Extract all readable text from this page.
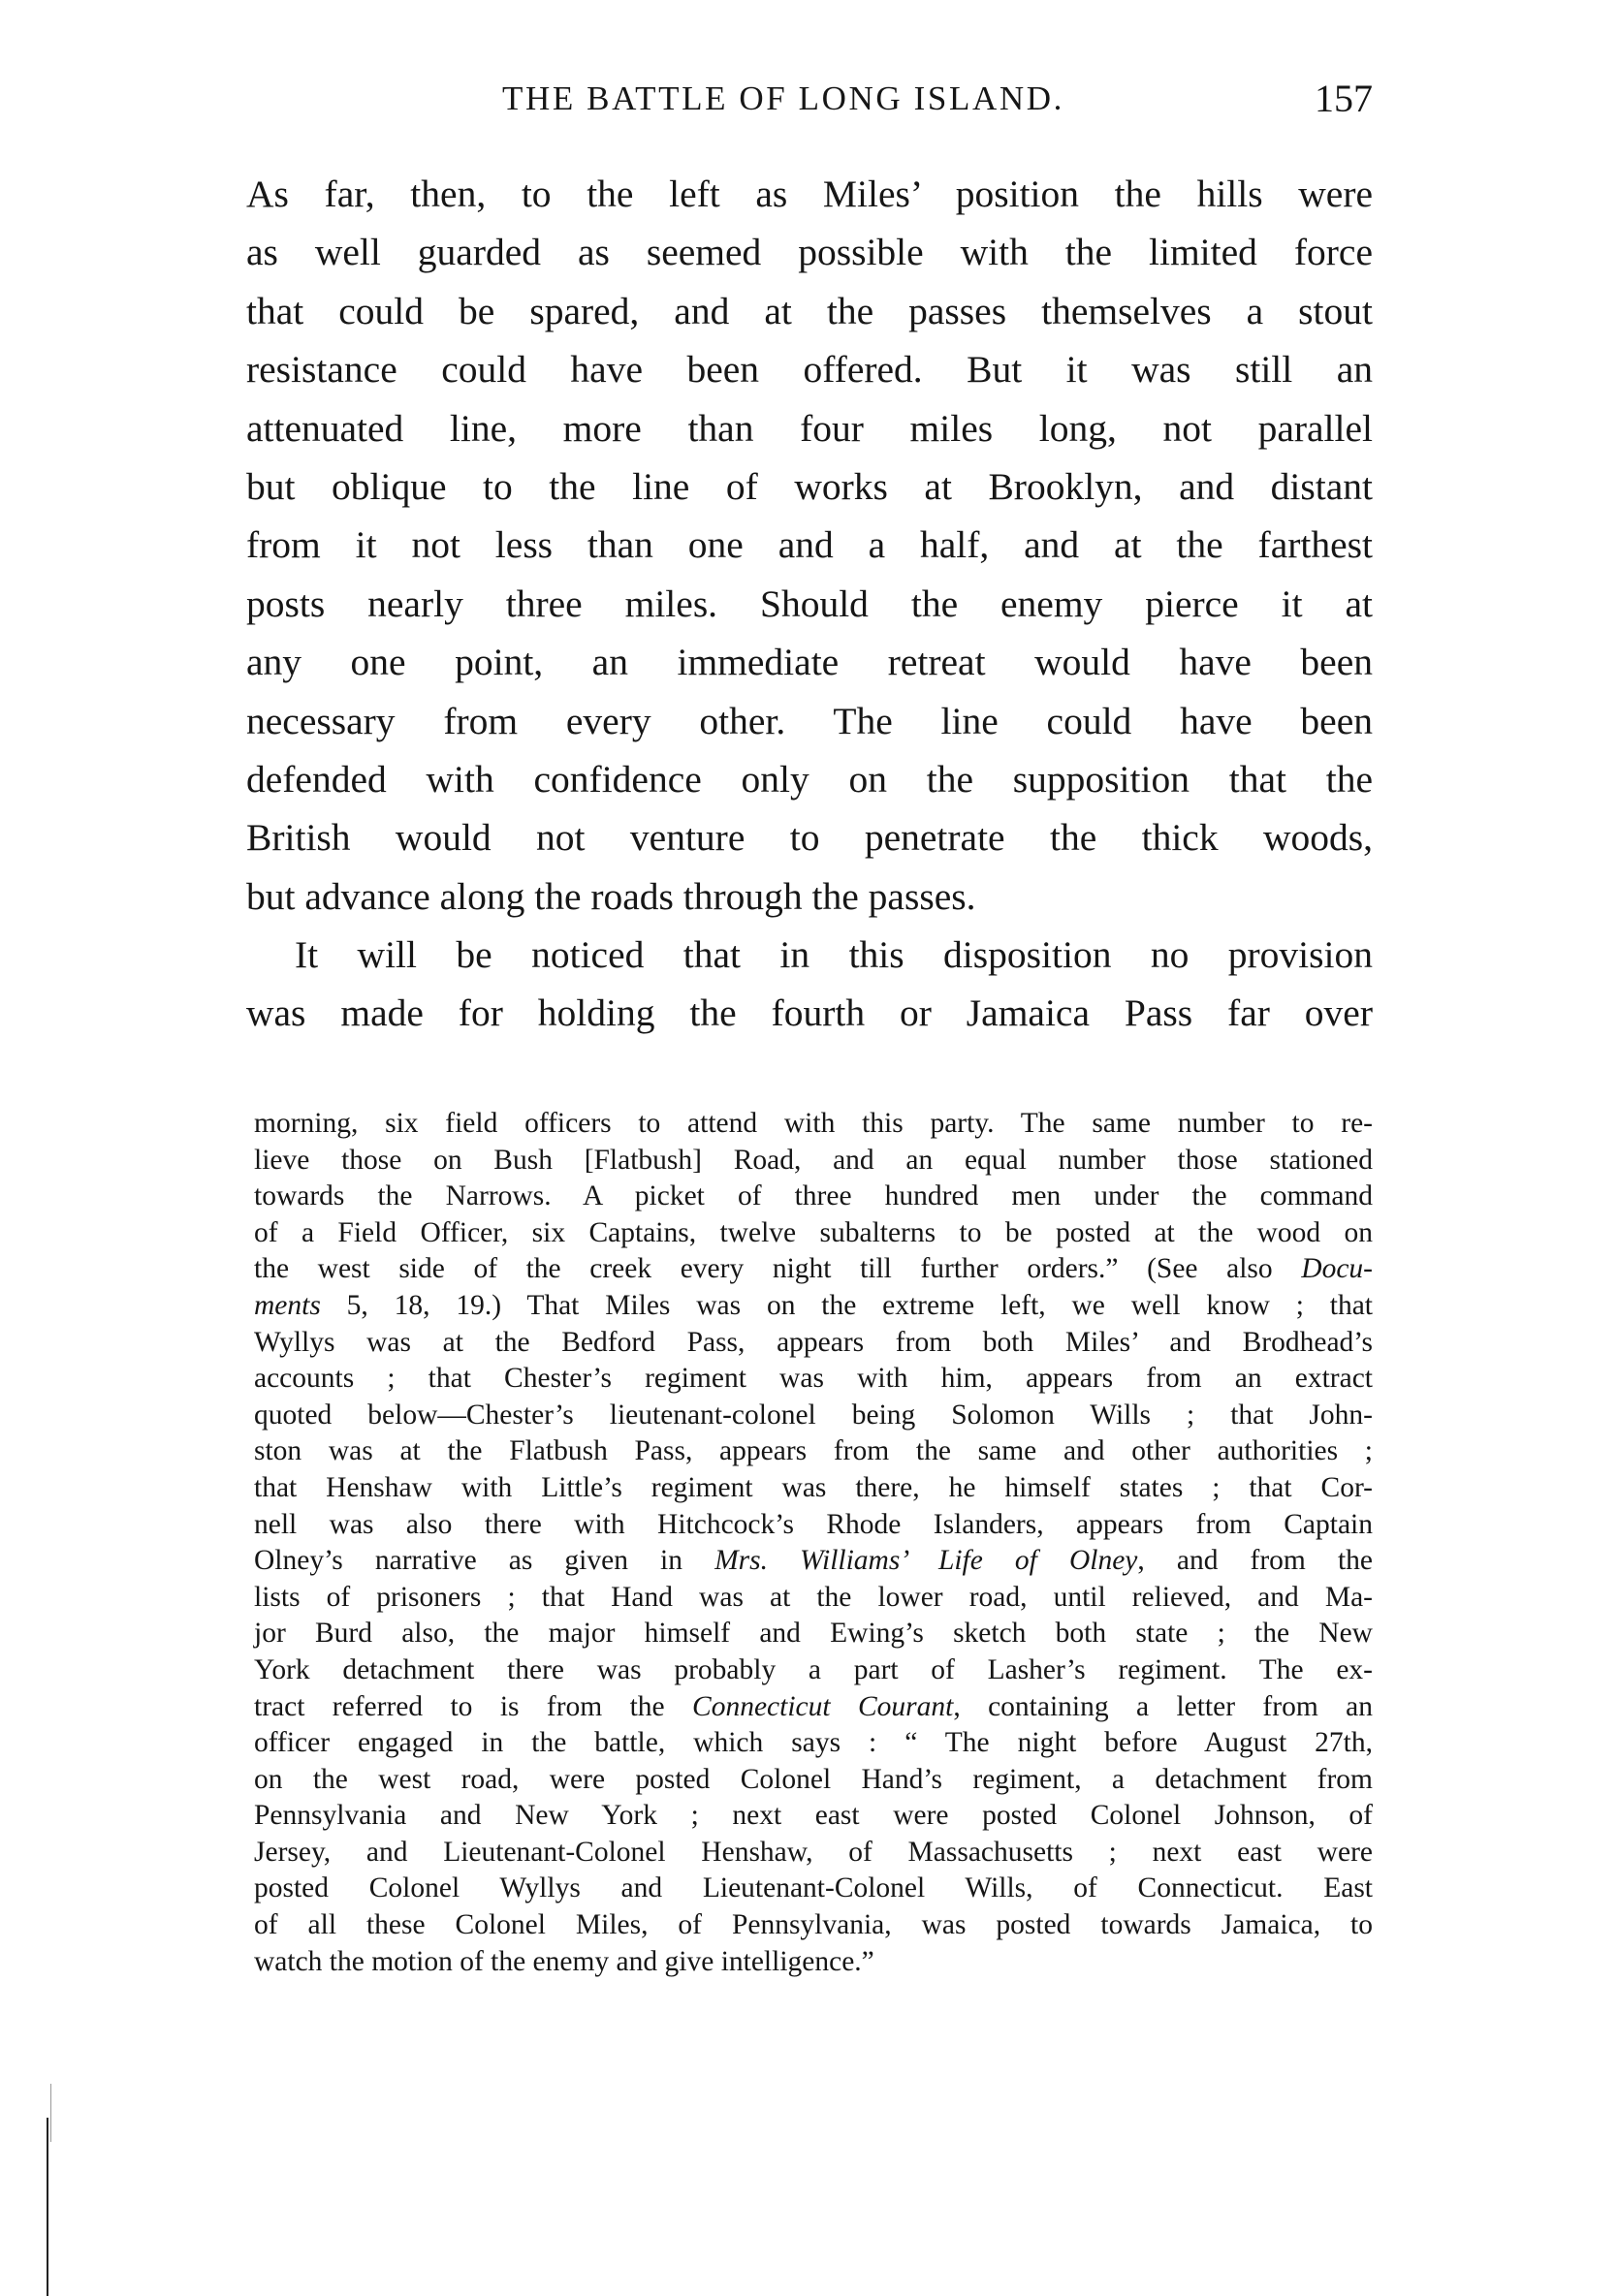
THE BATTLE OF LONG ISLAND.	157
As far, then, to the left as Miles’ position the hills were
as well guarded as seemed possible with the limited force
that could be spared, and at the passes themselves a stout
resistance could have been offered. But it was still an
attenuated line, more than four miles long, not parallel
but oblique to the line of works at Brooklyn, and distant
from it not less than one and a half, and at the farthest
posts nearly three miles. Should the enemy pierce it at
any one point, an immediate retreat would have been
necessary from every other. The line could have been
defended with confidence only on the supposition that the
British would not venture to penetrate the thick woods,
but advance along the roads through the passes.
It will be noticed that in this disposition no provision
was made for holding the fourth or Jamaica Pass far over
morning, six field officers to attend with this party. The same number to re-
lieve those on Bush [Flatbush] Road, and an equal number those stationed
towards the Narrows. A picket of three hundred men under the command
of a Field Officer, six Captains, twelve subalterns to be posted at the wood on
the west side of the creek every night till further orders.” (See also Docu-
ments 5, 18, 19.) That Miles was on the extreme left, we well know ; that
Wyllys was at the Bedford Pass, appears from both Miles’ and Brodhead’s
accounts ; that Chester’s regiment was with him, appears from an extract
quoted below—Chester’s lieutenant-colonel being Solomon Wills ; that John-
ston was at the Flatbush Pass, appears from the same and other authorities ;
that Henshaw with Little’s regiment was there, he himself states ; that Cor-
nell was also there with Hitchcock’s Rhode Islanders, appears from Captain
Olney’s narrative as given in Mrs. Williams’ Life of Olney, and from the
lists of prisoners ; that Hand was at the lower road, until relieved, and Ma-
jor Burd also, the major himself and Ewing’s sketch both state ; the New
York detachment there was probably a part of Lasher’s regiment. The ex-
tract referred to is from the Connecticut Courant, containing a letter from an
officer engaged in the battle, which says : “ The night before August 27th,
on the west road, were posted Colonel Hand’s regiment, a detachment from
Pennsylvania and New York ; next east were posted Colonel Johnson, of
Jersey, and Lieutenant-Colonel Henshaw, of Massachusetts ; next east were
posted Colonel Wyllys and Lieutenant-Colonel Wills, of Connecticut. East
of all these Colonel Miles, of Pennsylvania, was posted towards Jamaica, to
watch the motion of the enemy and give intelligence.”
